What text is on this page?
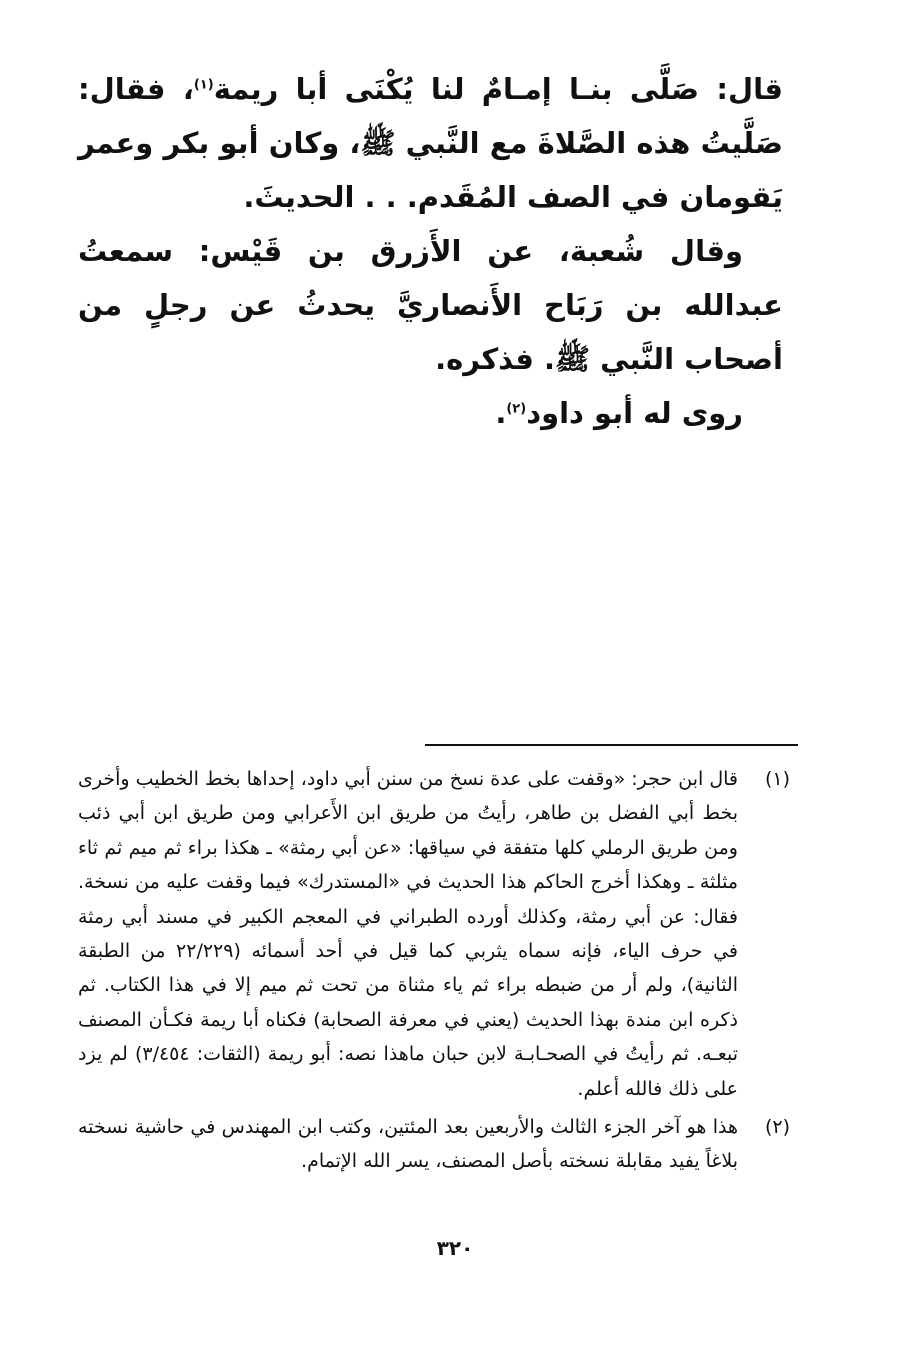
قال: صَلَّى بنـا إمـامٌ لنا يُكْنَى أبا ريمة$^{(١)}$، فقال: صَلَّيتُ هذه الصَّلاةَ مع النَّبي ﷺ، وكان أبو بكر وعمر يَقومان في الصف المُقَدم. . . الحديثَ.

وقال شُعبة، عن الأَزرق بن قَيْس: سمعتُ عبدالله بن رَبَاح الأَنصاريَّ يحدثُ عن رجلٍ من أصحاب النَّبي ﷺ. فذكره.

روى له أبو داود$^{(٢)}$.

(١)
قال ابن حجر: «وقفت على عدة نسخ من سنن أبي داود، إحداها بخط الخطيب وأخرى بخط أبي الفضل بن طاهر، رأيتُ من طريق ابن الأَعرابي ومن طريق ابن أبي ذئب ومن طريق الرملي كلها متفقة في سياقها: «عن أبي رمثة» ـ هكذا براء ثم ميم ثم ثاء مثلثة ـ وهكذا أخرج الحاكم هذا الحديث في «المستدرك» فيما وقفت عليه من نسخة. فقال: عن أبي رمثة، وكذلك أورده الطبراني في المعجم الكبير في مسند أبي رمثة في حرف الياء، فإنه سماه يثربي كما قيل في أحد أسمائه (٢٢/٢٢٩ من الطبقة الثانية)، ولم أر من ضبطه براء ثم ياء مثناة من تحت ثم ميم إلا في هذا الكتاب. ثم ذكره ابن مندة بهذا الحديث (يعني في معرفة الصحابة) فكناه أبا ريمة فكـأن المصنف تبعـه. ثم رأيتُ في الصحـابـة لابن حبان ماهذا نصه: أبو ريمة (الثقات: ٣/٤٥٤) لم يزد على ذلك فالله أعلم.
(٢)
هذا هو آخر الجزء الثالث والأربعين بعد المئتين، وكتب ابن المهندس في حاشية نسخته بلاغاً يفيد مقابلة نسخته بأصل المصنف، يسر الله الإتمام.
٣٢٠
